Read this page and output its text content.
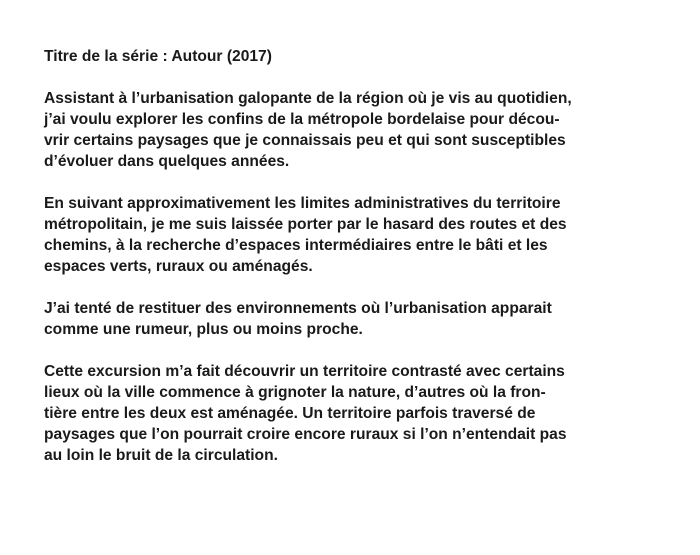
Titre de la série : Autour (2017)
Assistant à l’urbanisation galopante de la région où je vis au quotidien,
j’ai voulu explorer les confins de la métropole bordelaise pour décou-
vrir certains paysages que je connaissais peu et qui sont susceptibles
d’évoluer dans quelques années.
En suivant approximativement les limites administratives du territoire
métropolitain, je me suis laissée porter par le hasard des routes et des
chemins, à la recherche d’espaces intermédiaires entre le bâti et les
espaces verts, ruraux ou aménagés.
J’ai tenté de restituer des environnements où l’urbanisation apparait
comme une rumeur, plus ou moins proche.
Cette excursion m’a fait découvrir un territoire contrasté avec certains
lieux où la ville commence à grignoter la nature, d’autres où la fron-
tière entre les deux est aménagée. Un territoire parfois traversé de
paysages que l’on pourrait croire encore ruraux si l’on n’entendait pas
au loin le bruit de la circulation.
